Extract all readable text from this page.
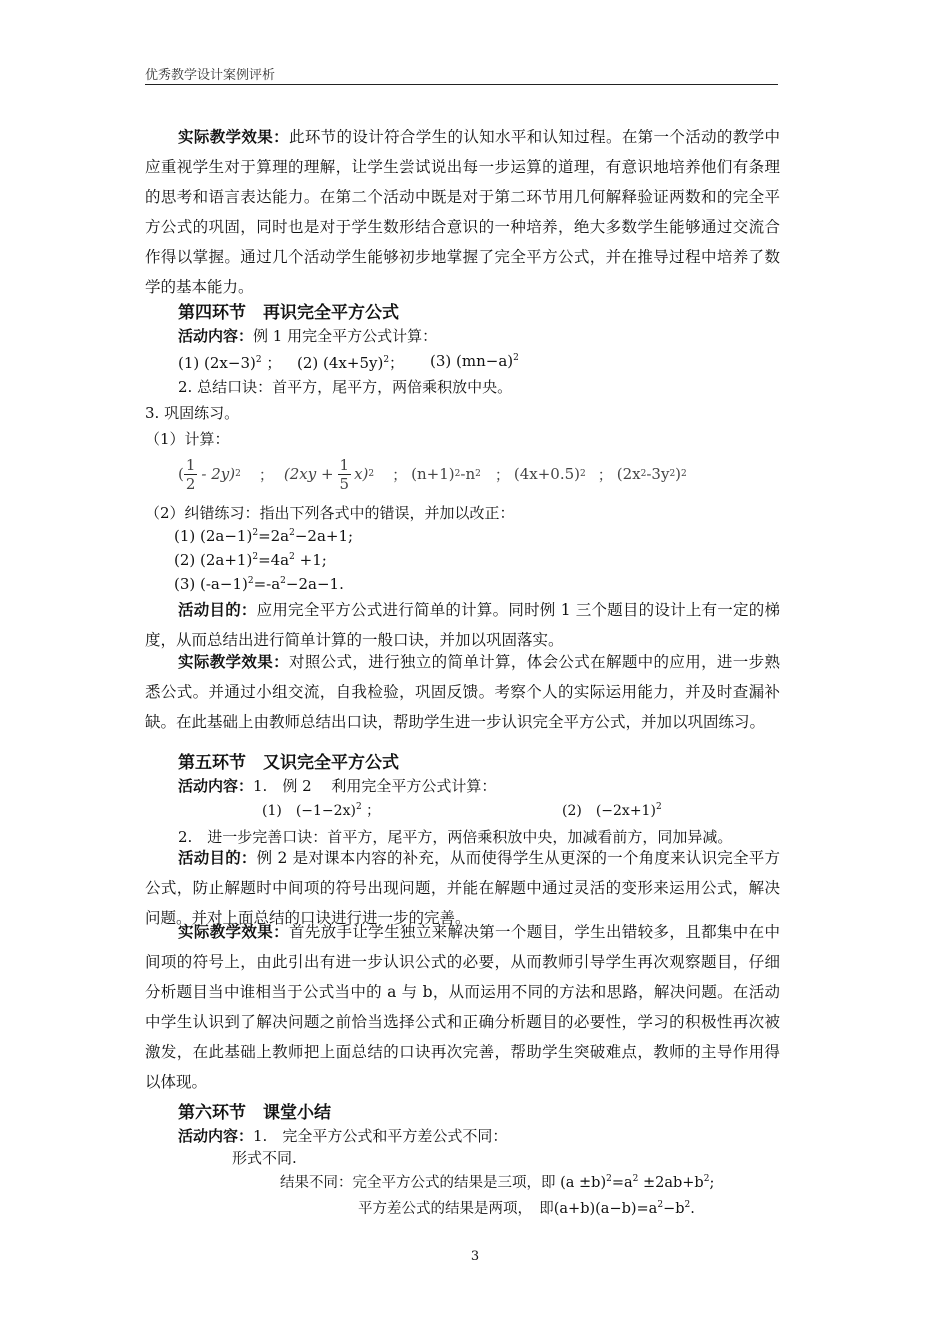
优秀教学设计案例评析
实际教学效果：此环节的设计符合学生的认知水平和认知过程。在第一个活动的教学中应重视学生对于算理的理解，让学生尝试说出每一步运算的道理，有意识地培养他们有条理的思考和语言表达能力。在第二个活动中既是对于第二环节用几何解释验证两数和的完全平方公式的巩固，同时也是对于学生数形结合意识的一种培养，绝大多数学生能够通过交流合作得以掌握。通过几个活动学生能够初步地掌握了完全平方公式，并在推导过程中培养了数学的基本能力。
第四环节　再识完全平方公式
活动内容：例 1 用完全平方公式计算：
(1) $(2x-3)^2$ ； (2) $(4x+5y)^2$； (3) $(mn-a)^2$
2. 总结口诀：首平方，尾平方，两倍乘积放中央。
3. 巩固练习。
（1）计算：
( $\frac{1}{2} - 2y$) 2 ； $(2xy + \frac{1}{5} x)$ 2 ； (n+1) 2 -n 2 ； (4x+0.5) 2 ； (2x 2 -3y 2 ) 2
（2）纠错练习：指出下列各式中的错误，并加以改正：
(1) $(2a-1)^2=2a^2-2a+1$;
(2) $(2a+1)^2=4a^2 +1$;
(3) $(-a-1)^2=-a^2-2a-1$.
活动目的：应用完全平方公式进行简单的计算。同时例 1 三个题目的设计上有一定的梯度，从而总结出进行简单计算的一般口诀，并加以巩固落实。
实际教学效果：对照公式，进行独立的简单计算，体会公式在解题中的应用，进一步熟悉公式。并通过小组交流，自我检验，巩固反馈。考察个人的实际运用能力，并及时查漏补缺。在此基础上由教师总结出口诀，帮助学生进一步认识完全平方公式，并加以巩固练习。
第五环节　又识完全平方公式
活动内容：1.　例 2　 利用完全平方公式计算：
(1)　$(-1-2x)^2$ ；	(2)　$(-2x+1)^2$
2.　进一步完善口诀：首平方，尾平方，两倍乘积放中央，加减看前方，同加异减。
活动目的：例 2 是对课本内容的补充，从而使得学生从更深的一个角度来认识完全平方公式，防止解题时中间项的符号出现问题，并能在解题中通过灵活的变形来运用公式，解决问题。并对上面总结的口诀进行进一步的完善。
实际教学效果：首先放手让学生独立来解决第一个题目，学生出错较多，且都集中在中间项的符号上，由此引出有进一步认识公式的必要，从而教师引导学生再次观察题目，仔细分析题目当中谁相当于公式当中的 a 与 b，从而运用不同的方法和思路，解决问题。在活动中学生认识到了解决问题之前恰当选择公式和正确分析题目的必要性，学习的积极性再次被激发，在此基础上教师把上面总结的口诀再次完善，帮助学生突破难点，教师的主导作用得以体现。
第六环节　课堂小结
活动内容：1.　完全平方公式和平方差公式不同：
形式不同.
结果不同：完全平方公式的结果是三项，即 $(a \pm b)^2=a^2 \pm 2ab+b^2$;
平方差公式的结果是两项，　即$(a+b)(a-b)=a^2-b^2$.
3
